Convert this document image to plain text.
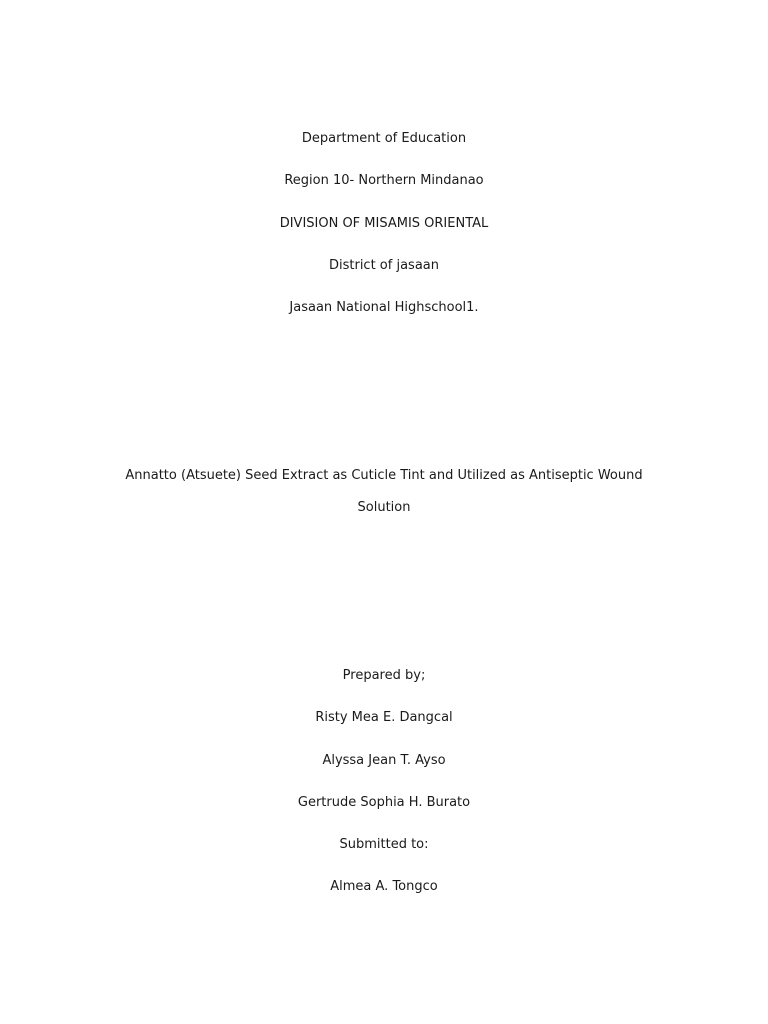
Department of Education

Region 10- Northern Mindanao

DIVISION OF MISAMIS ORIENTAL

District of jasaan

Jasaan National Highschool1.

Annatto (Atsuete) Seed Extract as Cuticle Tint and Utilized as Antiseptic Wound

Solution

Prepared by;

Risty Mea E. Dangcal

Alyssa Jean T. Ayso

Gertrude Sophia H. Burato

Submitted to:

Almea A. Tongco
